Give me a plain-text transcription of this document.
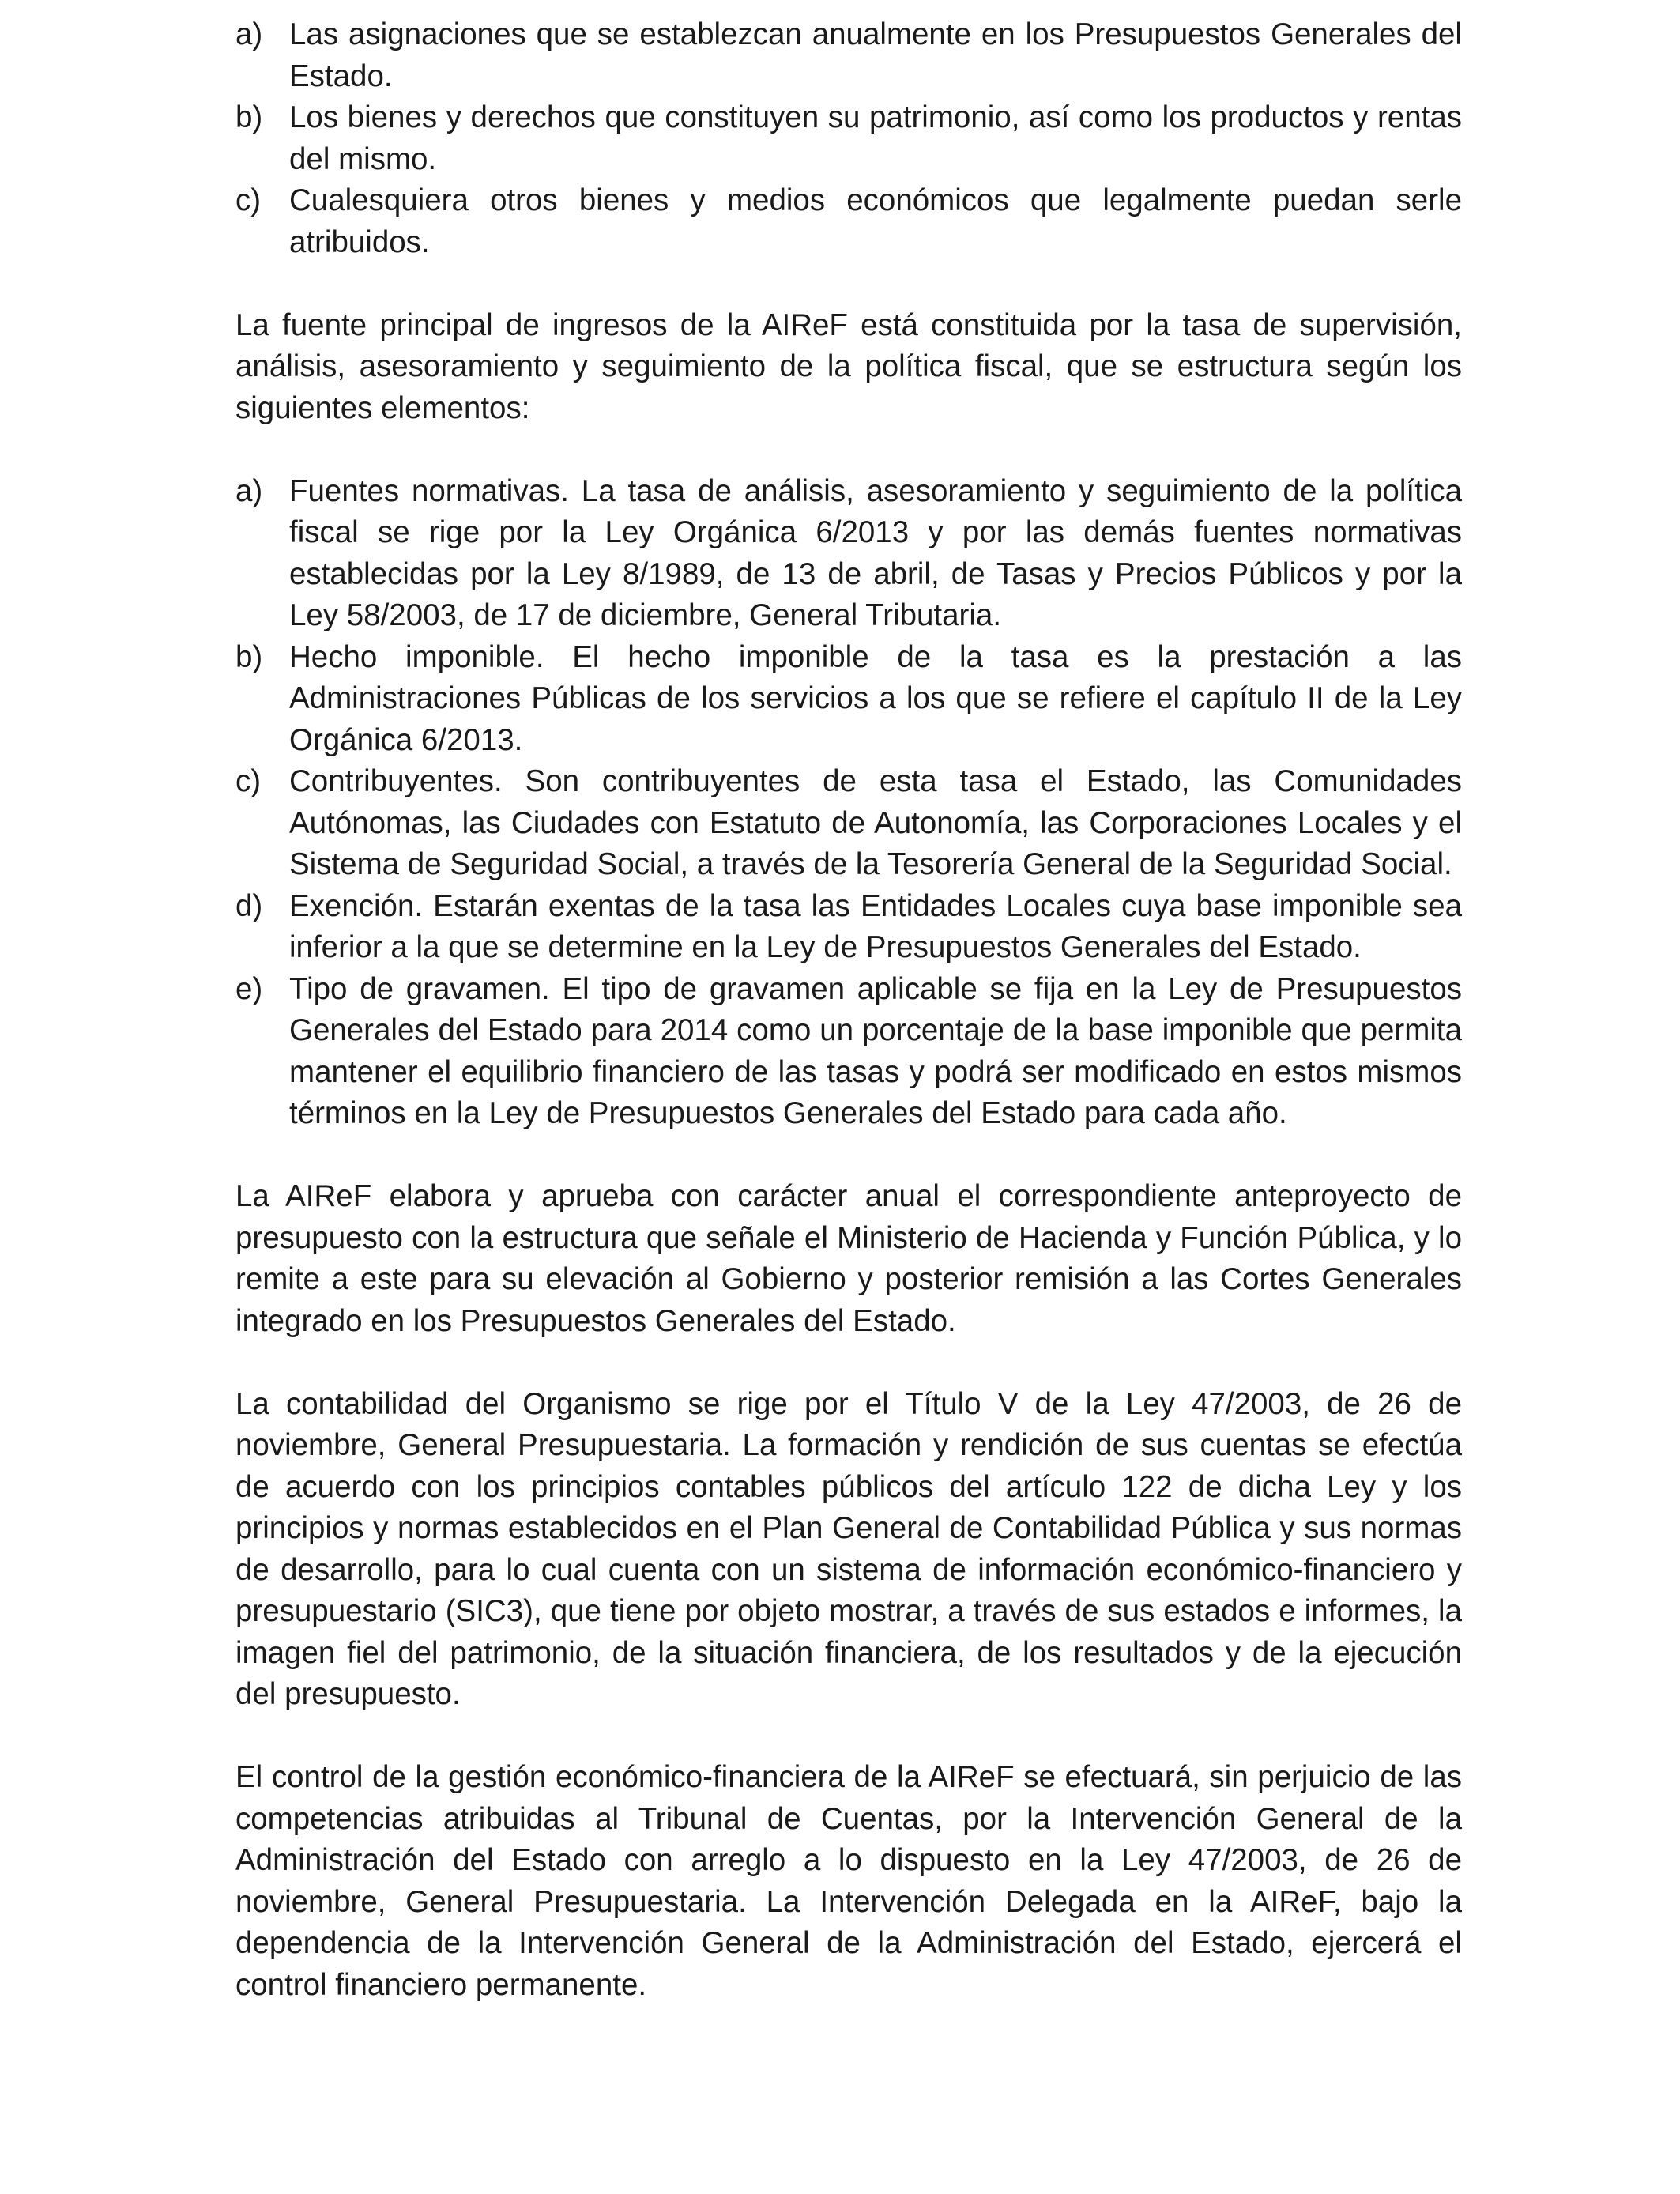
a) Las asignaciones que se establezcan anualmente en los Presupuestos Generales del Estado.
b) Los bienes y derechos que constituyen su patrimonio, así como los productos y rentas del mismo.
c) Cualesquiera otros bienes y medios económicos que legalmente puedan serle atribuidos.

La fuente principal de ingresos de la AIReF está constituida por la tasa de supervisión, análisis, asesoramiento y seguimiento de la política fiscal, que se estructura según los siguientes elementos:

a) Fuentes normativas. La tasa de análisis, asesoramiento y seguimiento de la política fiscal se rige por la Ley Orgánica 6/2013 y por las demás fuentes normativas establecidas por la Ley 8/1989, de 13 de abril, de Tasas y Precios Públicos y por la Ley 58/2003, de 17 de diciembre, General Tributaria.
b) Hecho imponible. El hecho imponible de la tasa es la prestación a las Administraciones Públicas de los servicios a los que se refiere el capítulo II de la Ley Orgánica 6/2013.
c) Contribuyentes. Son contribuyentes de esta tasa el Estado, las Comunidades Autónomas, las Ciudades con Estatuto de Autonomía, las Corporaciones Locales y el Sistema de Seguridad Social, a través de la Tesorería General de la Seguridad Social.
d) Exención. Estarán exentas de la tasa las Entidades Locales cuya base imponible sea inferior a la que se determine en la Ley de Presupuestos Generales del Estado.
e) Tipo de gravamen. El tipo de gravamen aplicable se fija en la Ley de Presupuestos Generales del Estado para 2014 como un porcentaje de la base imponible que permita mantener el equilibrio financiero de las tasas y podrá ser modificado en estos mismos términos en la Ley de Presupuestos Generales del Estado para cada año.

La AIReF elabora y aprueba con carácter anual el correspondiente anteproyecto de presupuesto con la estructura que señale el Ministerio de Hacienda y Función Pública, y lo remite a este para su elevación al Gobierno y posterior remisión a las Cortes Generales integrado en los Presupuestos Generales del Estado.

La contabilidad del Organismo se rige por el Título V de la Ley 47/2003, de 26 de noviembre, General Presupuestaria. La formación y rendición de sus cuentas se efectúa de acuerdo con los principios contables públicos del artículo 122 de dicha Ley y los principios y normas establecidos en el Plan General de Contabilidad Pública y sus normas de desarrollo, para lo cual cuenta con un sistema de información económico-financiero y presupuestario (SIC3), que tiene por objeto mostrar, a través de sus estados e informes, la imagen fiel del patrimonio, de la situación financiera, de los resultados y de la ejecución del presupuesto.

El control de la gestión económico-financiera de la AIReF se efectuará, sin perjuicio de las competencias atribuidas al Tribunal de Cuentas, por la Intervención General de la Administración del Estado con arreglo a lo dispuesto en la Ley 47/2003, de 26 de noviembre, General Presupuestaria. La Intervención Delegada en la AIReF, bajo la dependencia de la Intervención General de la Administración del Estado, ejercerá el control financiero permanente.
